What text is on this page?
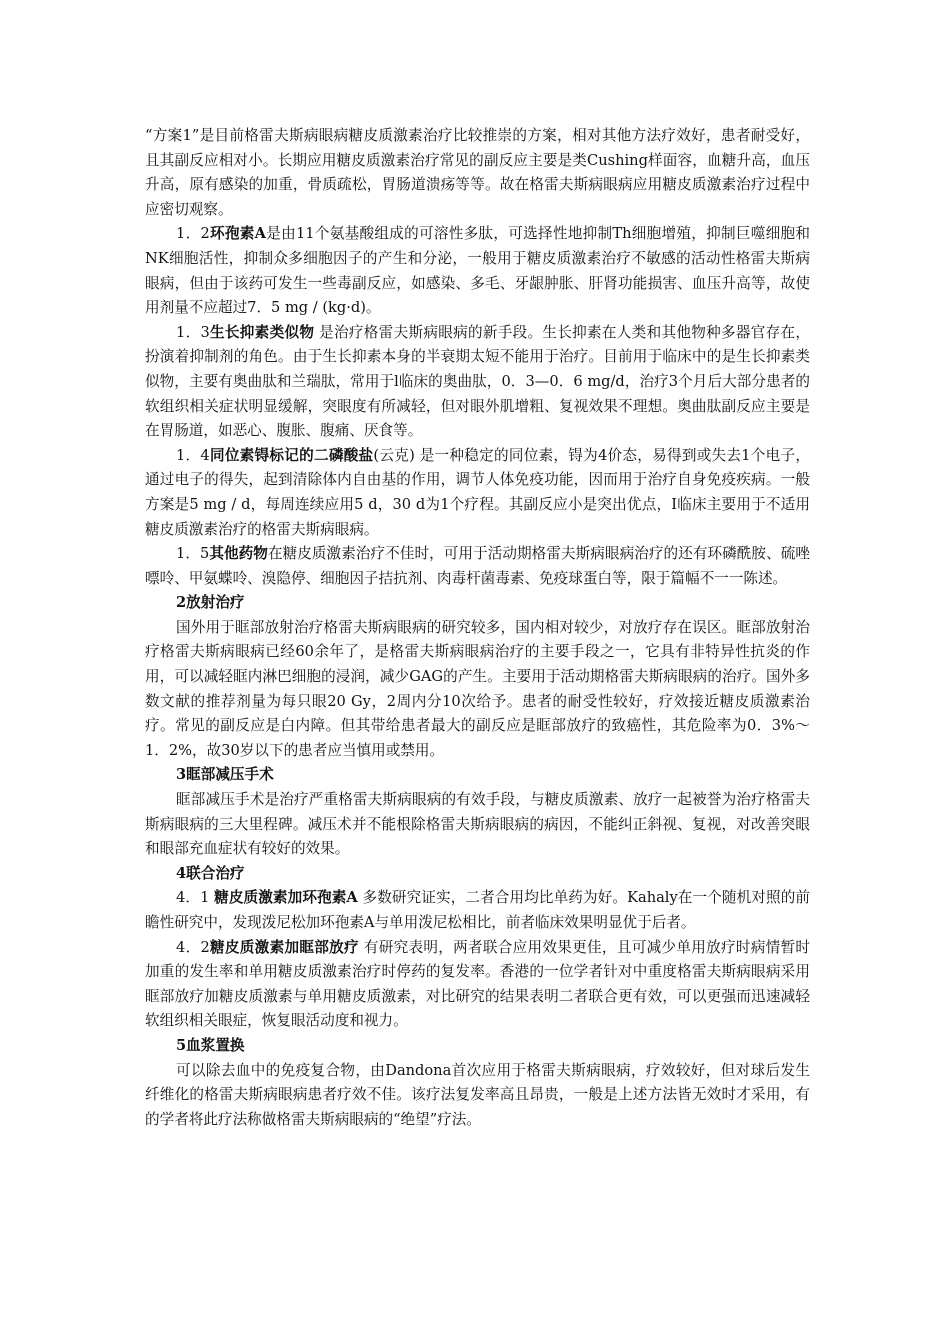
“方案1”是目前格雷夫斯病眼病糖皮质激素治疗比较推崇的方案，相对其他方法疗效好，患者耐受好，且其副反应相对小。长期应用糖皮质激素治疗常见的副反应主要是类Cushing样面容，血糖升高，血压升高，原有感染的加重，骨质疏松，胃肠道溃疡等等。故在格雷夫斯病眼病应用糖皮质激素治疗过程中应密切观察。

1．2环孢素A是由11个氨基酸组成的可溶性多肽，可选择性地抑制Th细胞增殖，抑制巨噬细胞和NK细胞活性，抑制众多细胞因子的产生和分泌，一般用于糖皮质激素治疗不敏感的活动性格雷夫斯病眼病，但由于该药可发生一些毒副反应，如感染、多毛、牙龈肿胀、肝肾功能损害、血压升高等，故使用剂量不应超过7．5 mg / (kg·d)。

1．3生长抑素类似物 是治疗格雷夫斯病眼病的新手段。生长抑素在人类和其他物种多器官存在，扮演着抑制剂的角色。由于生长抑素本身的半衰期太短不能用于治疗。目前用于临床中的是生长抑素类似物，主要有奥曲肽和兰瑞肽，常用于l临床的奥曲肽，0．3—0．6 mg/d，治疗3个月后大部分患者的软组织相关症状明显缓解，突眼度有所减轻，但对眼外肌增粗、复视效果不理想。奥曲肽副反应主要是在胃肠道，如恶心、腹胀、腹痛、厌食等。

1．4同位素锝标记的二磷酸盐(云克) 是一种稳定的同位素，锝为4价态，易得到或失去1个电子，通过电子的得失，起到清除体内自由基的作用，调节人体免疫功能，因而用于治疗自身免疫疾病。一般方案是5 mg / d，每周连续应用5 d，30 d为1个疗程。其副反应小是突出优点，I临床主要用于不适用糖皮质激素治疗的格雷夫斯病眼病。

1．5其他药物在糖皮质激素治疗不佳时，可用于活动期格雷夫斯病眼病治疗的还有环磷酰胺、硫唑嘌呤、甲氨蝶呤、溴隐停、细胞因子拮抗剂、肉毒杆菌毒素、免疫球蛋白等，限于篇幅不一一陈述。

2放射治疗

国外用于眶部放射治疗格雷夫斯病眼病的研究较多，国内相对较少，对放疗存在误区。眶部放射治疗格雷夫斯病眼病已经60余年了，是格雷夫斯病眼病治疗的主要手段之一，它具有非特异性抗炎的作用，可以减轻眶内淋巴细胞的浸润，减少GAG的产生。主要用于活动期格雷夫斯病眼病的治疗。国外多数文献的推荐剂量为每只眼20 Gy，2周内分10次给予。患者的耐受性较好，疗效接近糖皮质激素治疗。常见的副反应是白内障。但其带给患者最大的副反应是眶部放疗的致癌性，其危险率为0．3%～1．2%，故30岁以下的患者应当慎用或禁用。

3眶部减压手术

眶部减压手术是治疗严重格雷夫斯病眼病的有效手段，与糖皮质激素、放疗一起被誉为治疗格雷夫斯病眼病的三大里程碑。减压术并不能根除格雷夫斯病眼病的病因，不能纠正斜视、复视，对改善突眼和眼部充血症状有较好的效果。

4联合治疗

4．1 糖皮质激素加环孢素A 多数研究证实，二者合用均比单药为好。Kahaly在一个随机对照的前瞻性研究中，发现泼尼松加环孢素A与单用泼尼松相比，前者临床效果明显优于后者。

4．2糖皮质激素加眶部放疗 有研究表明，两者联合应用效果更佳，且可减少单用放疗时病情暂时加重的发生率和单用糖皮质激素治疗时停药的复发率。香港的一位学者针对中重度格雷夫斯病眼病采用眶部放疗加糖皮质激素与单用糖皮质激素，对比研究的结果表明二者联合更有效，可以更强而迅速减轻软组织相关眼症，恢复眼活动度和视力。

5血浆置换

可以除去血中的免疫复合物，由Dandona首次应用于格雷夫斯病眼病，疗效较好，但对球后发生纤维化的格雷夫斯病眼病患者疗效不佳。该疗法复发率高且昂贵，一般是上述方法皆无效时才采用，有的学者将此疗法称做格雷夫斯病眼病的“绝望”疗法。
